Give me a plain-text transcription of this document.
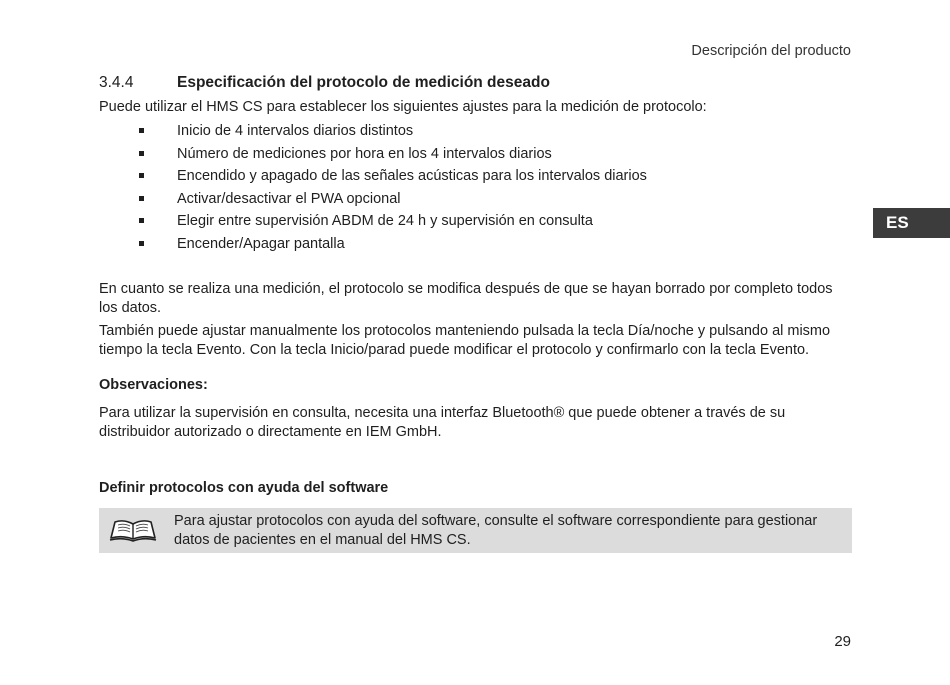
Descripción del producto
ES
3.4.4	Especificación del protocolo de medición deseado

Puede utilizar el HMS CS para establecer los siguientes ajustes para la medición de protocolo:

Inicio de 4 intervalos diarios distintos
Número de mediciones por hora en los 4 intervalos diarios
Encendido y apagado de las señales acústicas para los intervalos diarios
Activar/desactivar el PWA opcional
Elegir entre supervisión ABDM de 24 h y supervisión en consulta
Encender/Apagar pantalla

En cuanto se realiza una medición, el protocolo se modifica después de que se hayan borrado por completo todos los datos.

También puede ajustar manualmente los protocolos manteniendo pulsada la tecla Día/noche y pulsando al mismo tiempo la tecla Evento. Con la tecla Inicio/parad puede modificar el protocolo y confirmarlo con la tecla Evento.

Observaciones:

Para utilizar la supervisión en consulta, necesita una interfaz Bluetooth® que puede obtener a través de su distribuidor autorizado o directamente en IEM GmbH.

Definir protocolos con ayuda del software

Para ajustar protocolos con ayuda del software, consulte el software correspondiente para gestionar datos de pacientes en el manual del HMS CS.

29
